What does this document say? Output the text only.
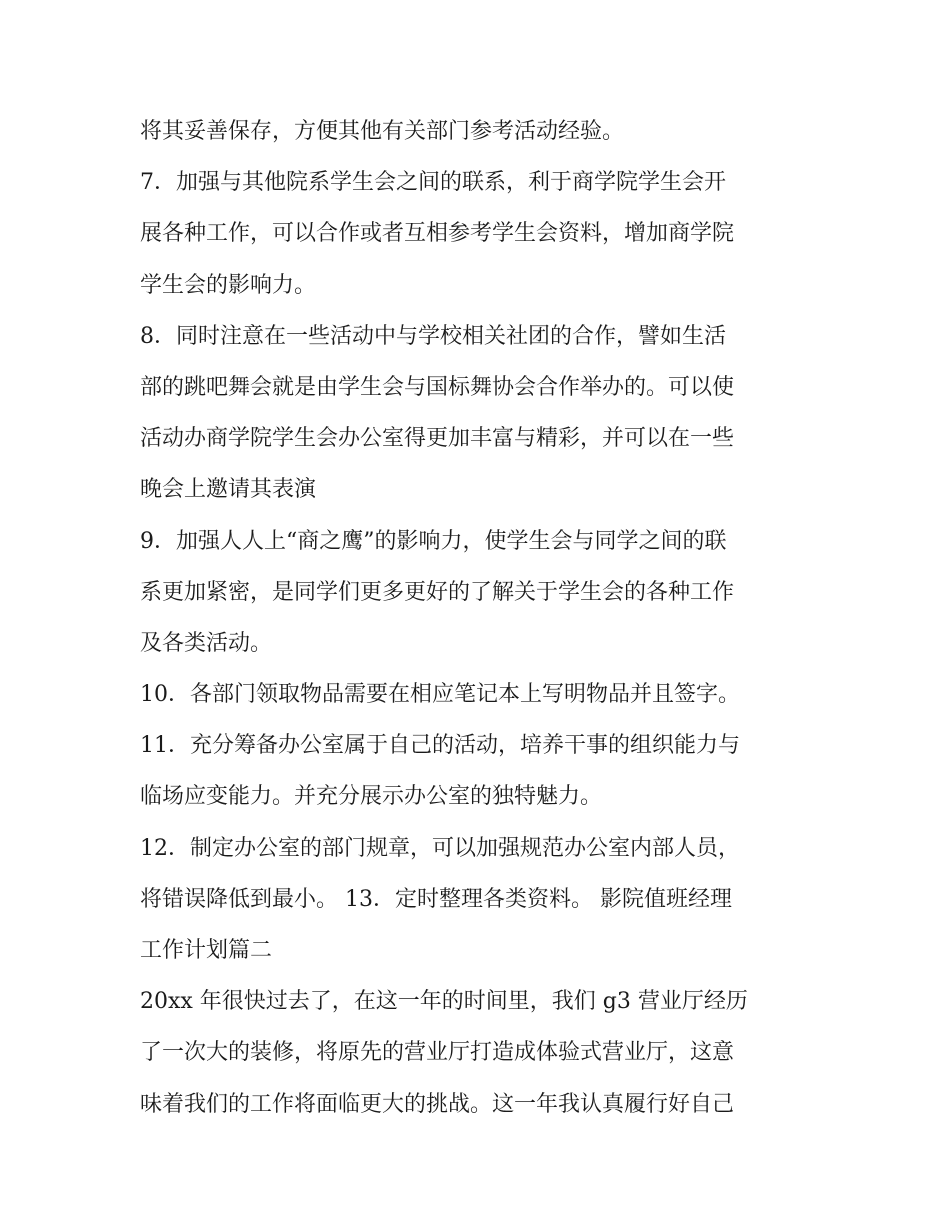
将其妥善保存，方便其他有关部门参考活动经验。
7．加强与其他院系学生会之间的联系，利于商学院学生会开
展各种工作，可以合作或者互相参考学生会资料，增加商学院
学生会的影响力。
8．同时注意在一些活动中与学校相关社团的合作，譬如生活
部的跳吧舞会就是由学生会与国标舞协会合作举办的。可以使
活动办商学院学生会办公室得更加丰富与精彩，并可以在一些
晚会上邀请其表演
9．加强人人上“商之鹰”的影响力，使学生会与同学之间的联
系更加紧密，是同学们更多更好的了解关于学生会的各种工作
及各类活动。
10．各部门领取物品需要在相应笔记本上写明物品并且签字。
11．充分筹备办公室属于自己的活动，培养干事的组织能力与
临场应变能力。并充分展示办公室的独特魅力。
12．制定办公室的部门规章，可以加强规范办公室内部人员，
将错误降低到最小。 13．定时整理各类资料。 影院值班经理
工作计划篇二
20xx 年很快过去了，在这一年的时间里，我们 g3 营业厅经历
了一次大的装修，将原先的营业厅打造成体验式营业厅，这意
味着我们的工作将面临更大的挑战。这一年我认真履行好自己
